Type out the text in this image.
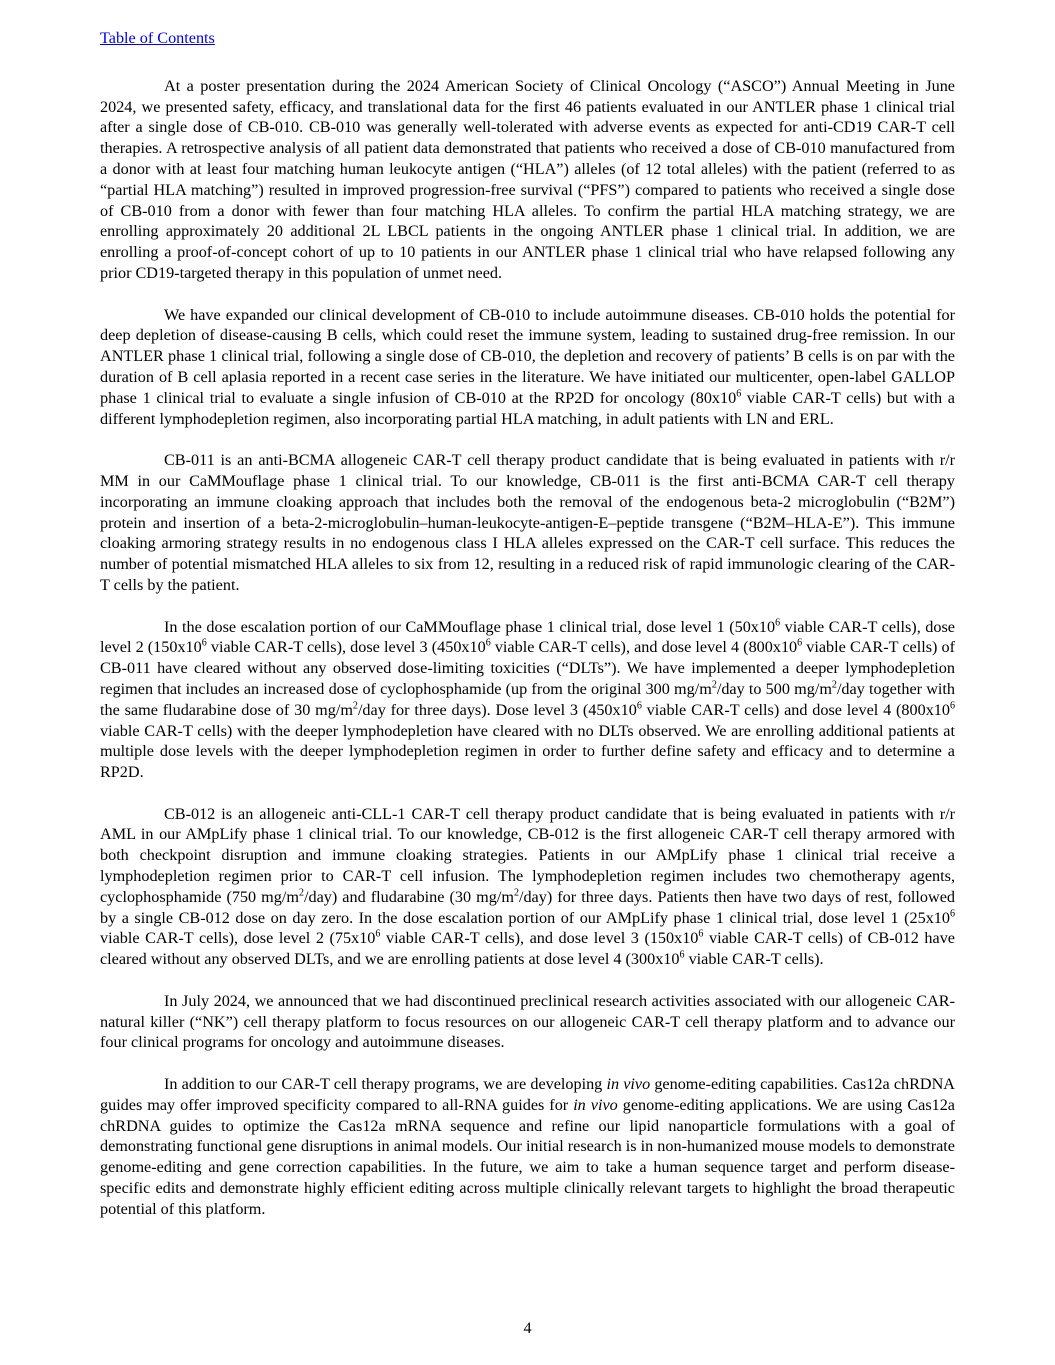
Table of Contents

At a poster presentation during the 2024 American Society of Clinical Oncology (“ASCO”) Annual Meeting in June 2024, we presented safety, efficacy, and translational data for the first 46 patients evaluated in our ANTLER phase 1 clinical trial after a single dose of CB-010. CB-010 was generally well-tolerated with adverse events as expected for anti-CD19 CAR-T cell therapies. A retrospective analysis of all patient data demonstrated that patients who received a dose of CB-010 manufactured from a donor with at least four matching human leukocyte antigen (“HLA”) alleles (of 12 total alleles) with the patient (referred to as “partial HLA matching”) resulted in improved progression-free survival (“PFS”) compared to patients who received a single dose of CB-010 from a donor with fewer than four matching HLA alleles. To confirm the partial HLA matching strategy, we are enrolling approximately 20 additional 2L LBCL patients in the ongoing ANTLER phase 1 clinical trial. In addition, we are enrolling a proof-of-concept cohort of up to 10 patients in our ANTLER phase 1 clinical trial who have relapsed following any prior CD19-targeted therapy in this population of unmet need.

We have expanded our clinical development of CB-010 to include autoimmune diseases. CB-010 holds the potential for deep depletion of disease-causing B cells, which could reset the immune system, leading to sustained drug-free remission. In our ANTLER phase 1 clinical trial, following a single dose of CB-010, the depletion and recovery of patients’ B cells is on par with the duration of B cell aplasia reported in a recent case series in the literature. We have initiated our multicenter, open-label GALLOP phase 1 clinical trial to evaluate a single infusion of CB-010 at the RP2D for oncology ($80x10^6$ viable CAR-T cells) but with a different lymphodepletion regimen, also incorporating partial HLA matching, in adult patients with LN and ERL.

CB-011 is an anti-BCMA allogeneic CAR-T cell therapy product candidate that is being evaluated in patients with r/r MM in our CaMMouflage phase 1 clinical trial. To our knowledge, CB-011 is the first anti-BCMA CAR-T cell therapy incorporating an immune cloaking approach that includes both the removal of the endogenous beta-2 microglobulin (“B2M”) protein and insertion of a beta-2-microglobulin–human-leukocyte-antigen-E–peptide transgene (“B2M–HLA-E”). This immune cloaking armoring strategy results in no endogenous class I HLA alleles expressed on the CAR-T cell surface. This reduces the number of potential mismatched HLA alleles to six from 12, resulting in a reduced risk of rapid immunologic clearing of the CAR-T cells by the patient.

In the dose escalation portion of our CaMMouflage phase 1 clinical trial, dose level 1 ($50x10^6$ viable CAR-T cells), dose level 2 ($150x10^6$ viable CAR-T cells), dose level 3 ($450x10^6$ viable CAR-T cells), and dose level 4 ($800x10^6$ viable CAR-T cells) of CB-011 have cleared without any observed dose-limiting toxicities (“DLTs”). We have implemented a deeper lymphodepletion regimen that includes an increased dose of cyclophosphamide (up from the original 300 $mg/m^2$/day to 500 $mg/m^2$/day together with the same fludarabine dose of 30 $mg/m^2$/day for three days). Dose level 3 ($450x10^6$ viable CAR-T cells) and dose level 4 ($800x10^6$ viable CAR-T cells) with the deeper lymphodepletion have cleared with no DLTs observed. We are enrolling additional patients at multiple dose levels with the deeper lymphodepletion regimen in order to further define safety and efficacy and to determine a RP2D.

CB-012 is an allogeneic anti-CLL-1 CAR-T cell therapy product candidate that is being evaluated in patients with r/r AML in our AMpLify phase 1 clinical trial. To our knowledge, CB-012 is the first allogeneic CAR-T cell therapy armored with both checkpoint disruption and immune cloaking strategies. Patients in our AMpLify phase 1 clinical trial receive a lymphodepletion regimen prior to CAR-T cell infusion. The lymphodepletion regimen includes two chemotherapy agents, cyclophosphamide (750 $mg/m^2/day$) and fludarabine (30 $mg/m^2/day$) for three days. Patients then have two days of rest, followed by a single CB-012 dose on day zero. In the dose escalation portion of our AMpLify phase 1 clinical trial, dose level 1 ($25x10^6$ viable CAR-T cells), dose level 2 ($75x10^6$ viable CAR-T cells), and dose level 3 ($150x10^6$ viable CAR-T cells) of CB-012 have cleared without any observed DLTs, and we are enrolling patients at dose level 4 ($300x10^6$ viable CAR-T cells).

In July 2024, we announced that we had discontinued preclinical research activities associated with our allogeneic CAR-natural killer (“NK”) cell therapy platform to focus resources on our allogeneic CAR-T cell therapy platform and to advance our four clinical programs for oncology and autoimmune diseases.

In addition to our CAR-T cell therapy programs, we are developing in vivo genome-editing capabilities. Cas12a chRDNA guides may offer improved specificity compared to all-RNA guides for in vivo genome-editing applications. We are using Cas12a chRDNA guides to optimize the Cas12a mRNA sequence and refine our lipid nanoparticle formulations with a goal of demonstrating functional gene disruptions in animal models. Our initial research is in non-humanized mouse models to demonstrate genome-editing and gene correction capabilities. In the future, we aim to take a human sequence target and perform disease-specific edits and demonstrate highly efficient editing across multiple clinically relevant targets to highlight the broad therapeutic potential of this platform.

4
